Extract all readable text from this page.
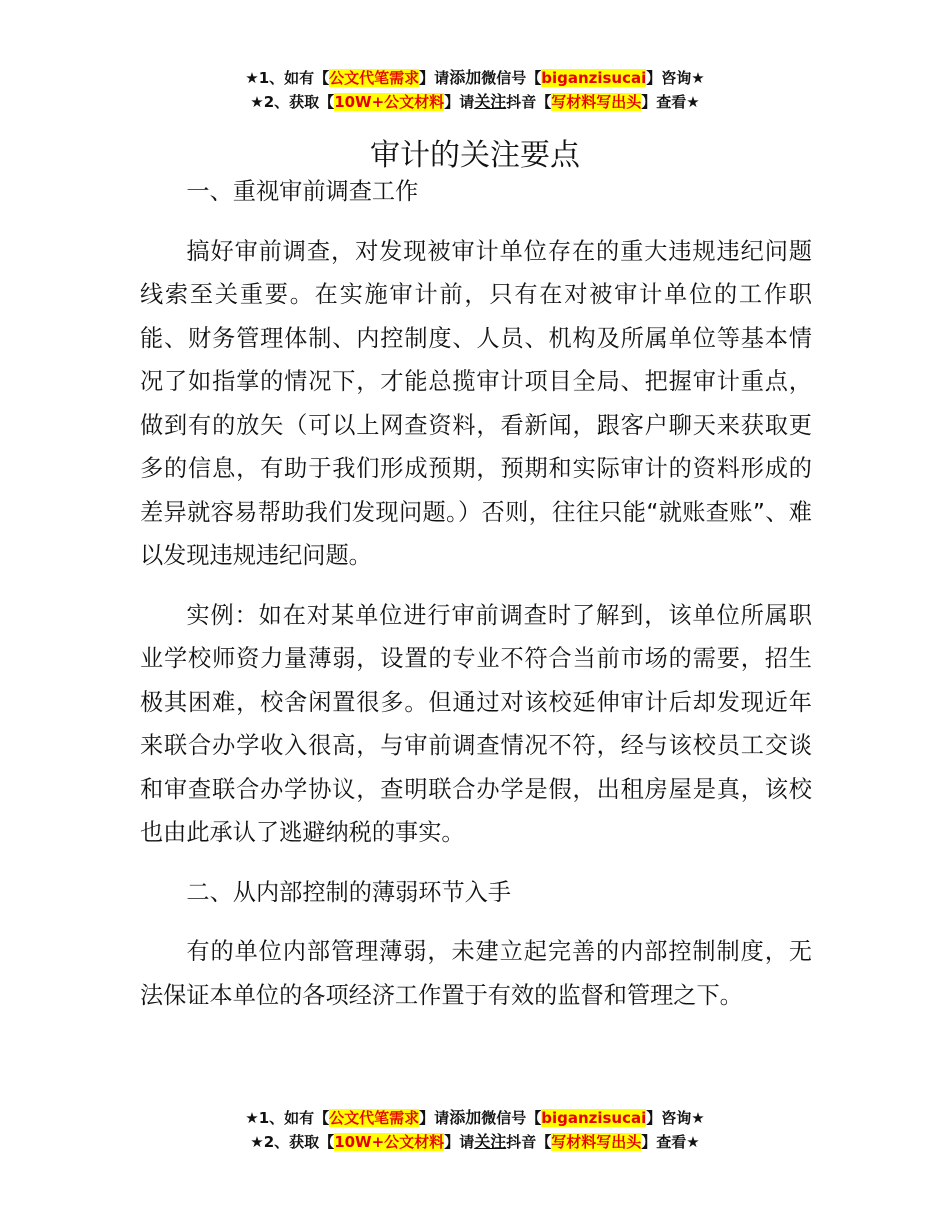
★1、如有【公文代笔需求】请添加微信号【biganzisucai】咨询★
★2、获取【10W+公文材料】请关注抖音【写材料写出头】查看★
审计的关注要点

一、重视审前调查工作

搞好审前调查，对发现被审计单位存在的重大违规违纪问题线索至关重要。在实施审计前，只有在对被审计单位的工作职能、财务管理体制、内控制度、人员、机构及所属单位等基本情况了如指掌的情况下，才能总揽审计项目全局、把握审计重点，做到有的放矢（可以上网查资料，看新闻，跟客户聊天来获取更多的信息，有助于我们形成预期，预期和实际审计的资料形成的差异就容易帮助我们发现问题。）否则，往往只能“就账查账”、难以发现违规违纪问题。

实例：如在对某单位进行审前调查时了解到，该单位所属职业学校师资力量薄弱，设置的专业不符合当前市场的需要，招生极其困难，校舍闲置很多。但通过对该校延伸审计后却发现近年来联合办学收入很高，与审前调查情况不符，经与该校员工交谈和审查联合办学协议，查明联合办学是假，出租房屋是真，该校也由此承认了逃避纳税的事实。

二、从内部控制的薄弱环节入手

有的单位内部管理薄弱，未建立起完善的内部控制制度，无法保证本单位的各项经济工作置于有效的监督和管理之下。

★1、如有【公文代笔需求】请添加微信号【biganzisucai】咨询★
★2、获取【10W+公文材料】请关注抖音【写材料写出头】查看★
